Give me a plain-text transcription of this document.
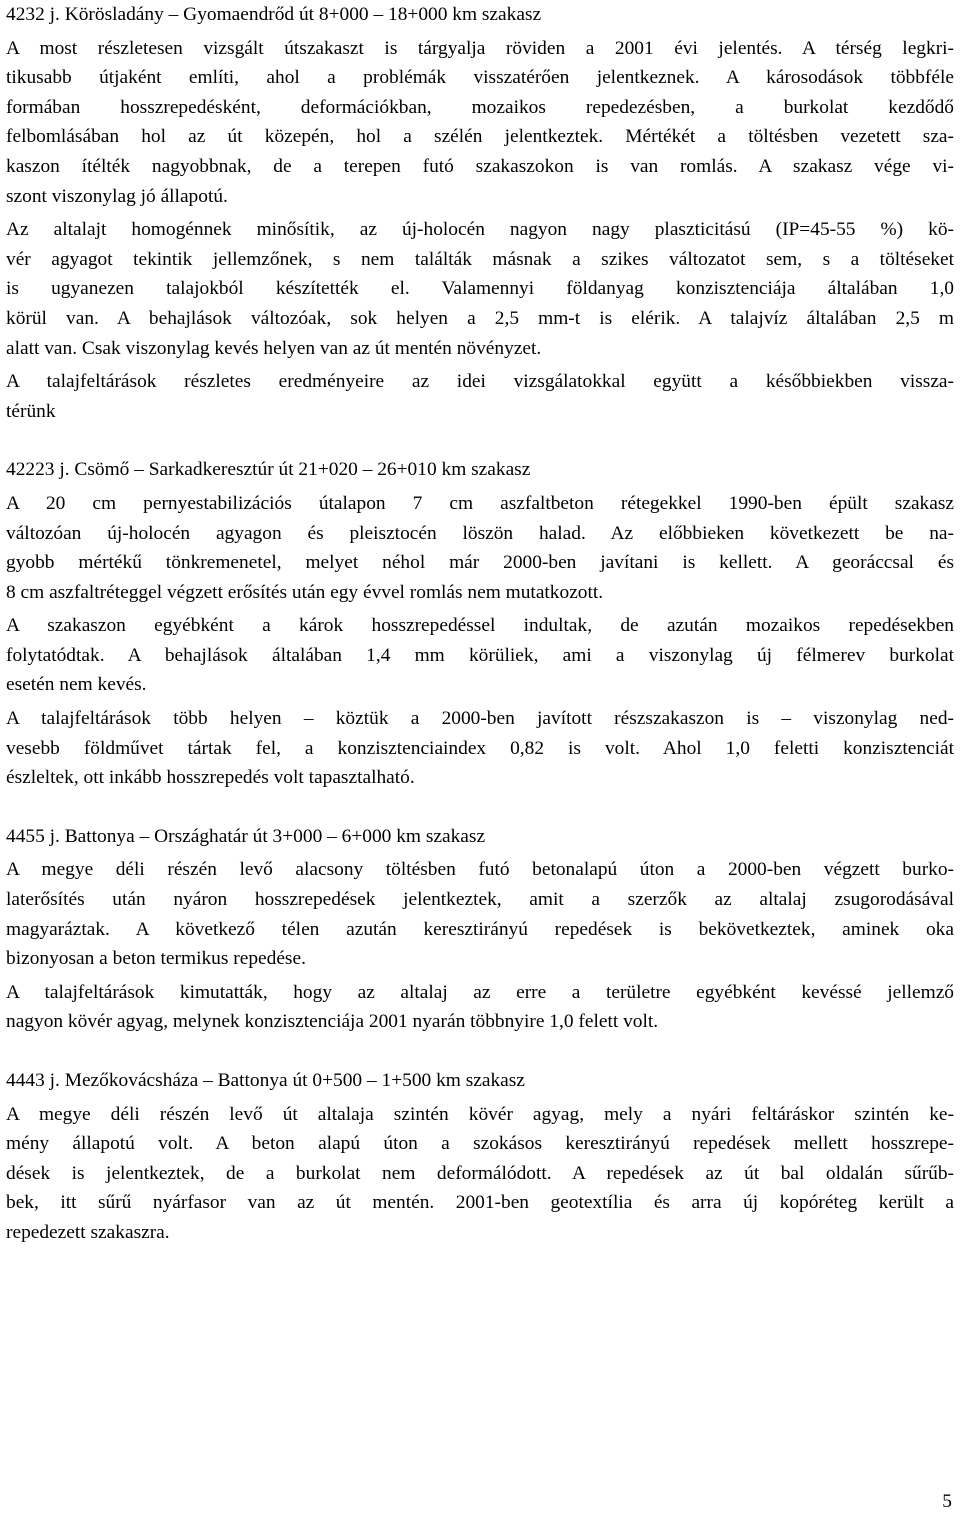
4232 j. Körösladány – Gyomaendrőd út 8+000 – 18+000 km szakasz
A most részletesen vizsgált útszakaszt is tárgyalja röviden a 2001 évi jelentés. A térség legkri-
tikusabb útjaként említi, ahol a problémák visszatérően jelentkeznek. A károsodások többféle
formában hosszrepedésként, deformációkban, mozaikos repedezésben, a burkolat kezdődő
felbomlásában hol az út közepén, hol a szélén jelentkeztek. Mértékét a töltésben vezetett sza-
kaszon ítélték nagyobbnak, de a terepen futó szakaszokon is van romlás. A szakasz vége vi-
szont viszonylag jó állapotú.
Az altalajt homogénnek minősítik, az új-holocén nagyon nagy plaszticitású (IP=45-55 %) kö-
vér agyagot tekintik jellemzőnek, s nem találták másnak a szikes változatot sem, s a töltéseket
is ugyanezen talajokból készítették el. Valamennyi földanyag konzisztenciája általában 1,0
körül van. A behajlások változóak, sok helyen a 2,5 mm-t is elérik. A talajvíz általában 2,5 m
alatt van. Csak viszonylag kevés helyen van az út mentén növényzet.
A talajfeltárások részletes eredményeire az idei vizsgálatokkal együtt a későbbiekben vissza-
térünk
42223 j. Csömő – Sarkadkeresztúr út 21+020 – 26+010 km szakasz
A 20 cm pernyestabilizációs útalapon 7 cm aszfaltbeton rétegekkel 1990-ben épült szakasz
változóan új-holocén agyagon és pleisztocén löszön halad. Az előbbieken következett be na-
gyobb mértékű tönkremenetel, melyet néhol már 2000-ben javítani is kellett. A georáccsal és
8 cm aszfaltréteggel végzett erősítés után egy évvel romlás nem mutatkozott.
A szakaszon egyébként a károk hosszrepedéssel indultak, de azután mozaikos repedésekben
folytatódtak. A behajlások általában 1,4 mm körüliek, ami a viszonylag új félmerev burkolat
esetén nem kevés.
A talajfeltárások több helyen – köztük a 2000-ben javított részszakaszon is – viszonylag ned-
vesebb földművet tártak fel, a konzisztenciaindex 0,82 is volt. Ahol 1,0 feletti konzisztenciát
észleltek, ott inkább hosszrepedés volt tapasztalható.
4455 j. Battonya – Országhatár út 3+000 – 6+000 km szakasz
A megye déli részén levő alacsony töltésben futó betonalapú úton a 2000-ben végzett burko-
laterősítés után nyáron hosszrepedések jelentkeztek, amit a szerzők az altalaj zsugorodásával
magyaráztak. A következő télen azután keresztirányú repedések is bekövetkeztek, aminek oka
bizonyosan a beton termikus repedése.
A talajfeltárások kimutatták, hogy az altalaj az erre a területre egyébként kevéssé jellemző
nagyon kövér agyag, melynek konzisztenciája 2001 nyarán többnyire 1,0 felett volt.
4443 j. Mezőkovácsháza – Battonya út 0+500 – 1+500 km szakasz
A megye déli részén levő út altalaja szintén kövér agyag, mely a nyári feltáráskor szintén ke-
mény állapotú volt. A beton alapú úton a szokásos keresztirányú repedések mellett hosszrepe-
dések is jelentkeztek, de a burkolat nem deformálódott. A repedések az út bal oldalán sűrűb-
bek, itt sűrű nyárfasor van az út mentén. 2001-ben geotextília és arra új kopóréteg került a
repedezett szakaszra.
5
